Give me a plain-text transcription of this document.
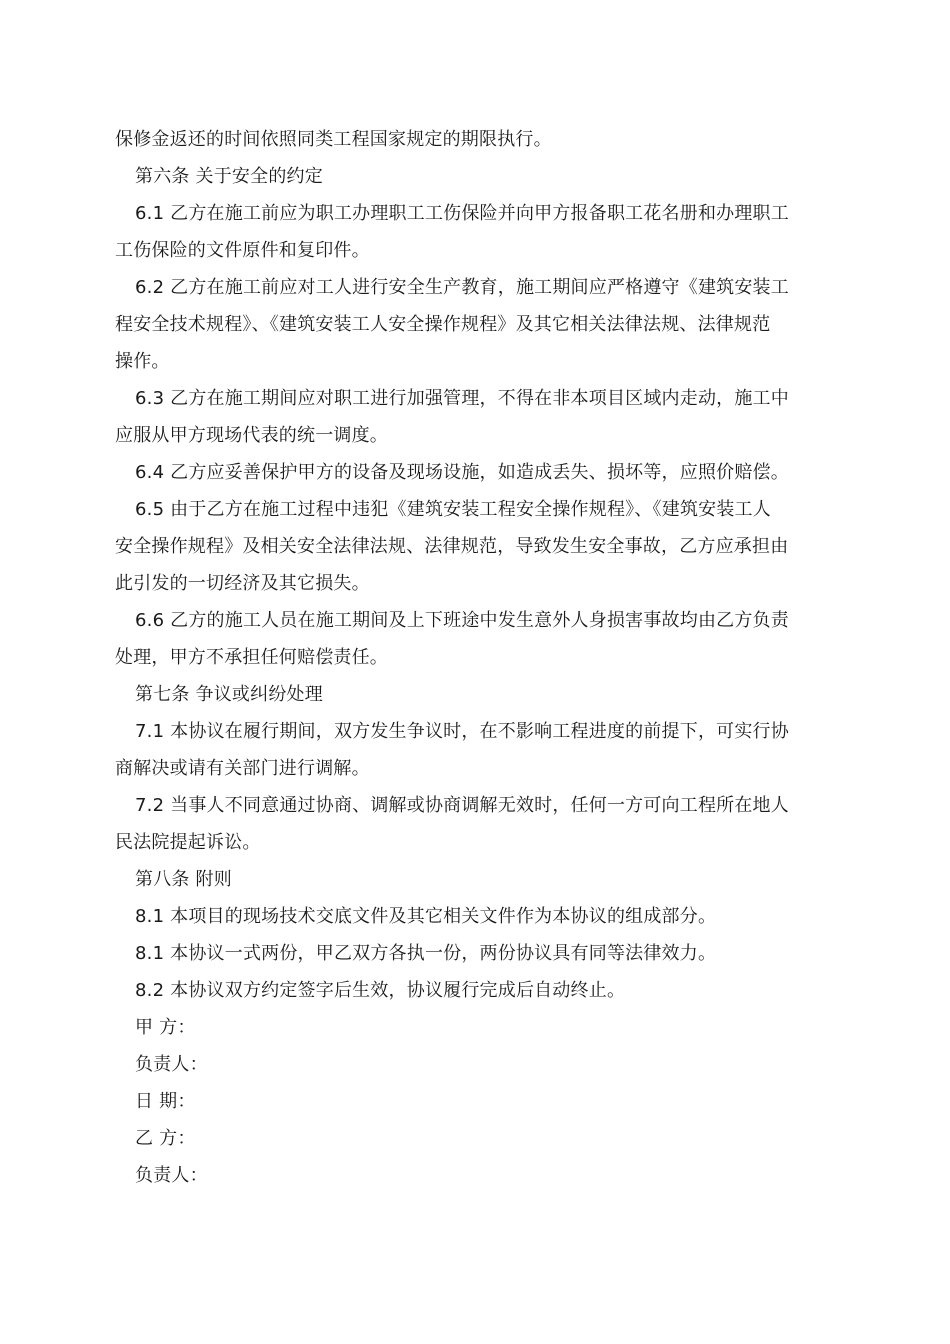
保修金返还的时间依照同类工程国家规定的期限执行。
第六条 关于安全的约定
6.1 乙方在施工前应为职工办理职工工伤保险并向甲方报备职工花名册和办理职工
工伤保险的文件原件和复印件。
6.2 乙方在施工前应对工人进行安全生产教育，施工期间应严格遵守《建筑安装工
程安全技术规程》、《建筑安装工人安全操作规程》及其它相关法律法规、法律规范
操作。
6.3 乙方在施工期间应对职工进行加强管理，不得在非本项目区域内走动，施工中
应服从甲方现场代表的统一调度。
6.4 乙方应妥善保护甲方的设备及现场设施，如造成丢失、损坏等，应照价赔偿。
6.5 由于乙方在施工过程中违犯《建筑安装工程安全操作规程》、《建筑安装工人
安全操作规程》及相关安全法律法规、法律规范，导致发生安全事故，乙方应承担由
此引发的一切经济及其它损失。
6.6 乙方的施工人员在施工期间及上下班途中发生意外人身损害事故均由乙方负责
处理，甲方不承担任何赔偿责任。
第七条 争议或纠纷处理
7.1 本协议在履行期间，双方发生争议时，在不影响工程进度的前提下，可实行协
商解决或请有关部门进行调解。
7.2 当事人不同意通过协商、调解或协商调解无效时，任何一方可向工程所在地人
民法院提起诉讼。
第八条 附则
8.1 本项目的现场技术交底文件及其它相关文件作为本协议的组成部分。
8.1 本协议一式两份，甲乙双方各执一份，两份协议具有同等法律效力。
8.2 本协议双方约定签字后生效，协议履行完成后自动终止。
甲 方：
负责人：
日 期：
乙 方：
负责人：
